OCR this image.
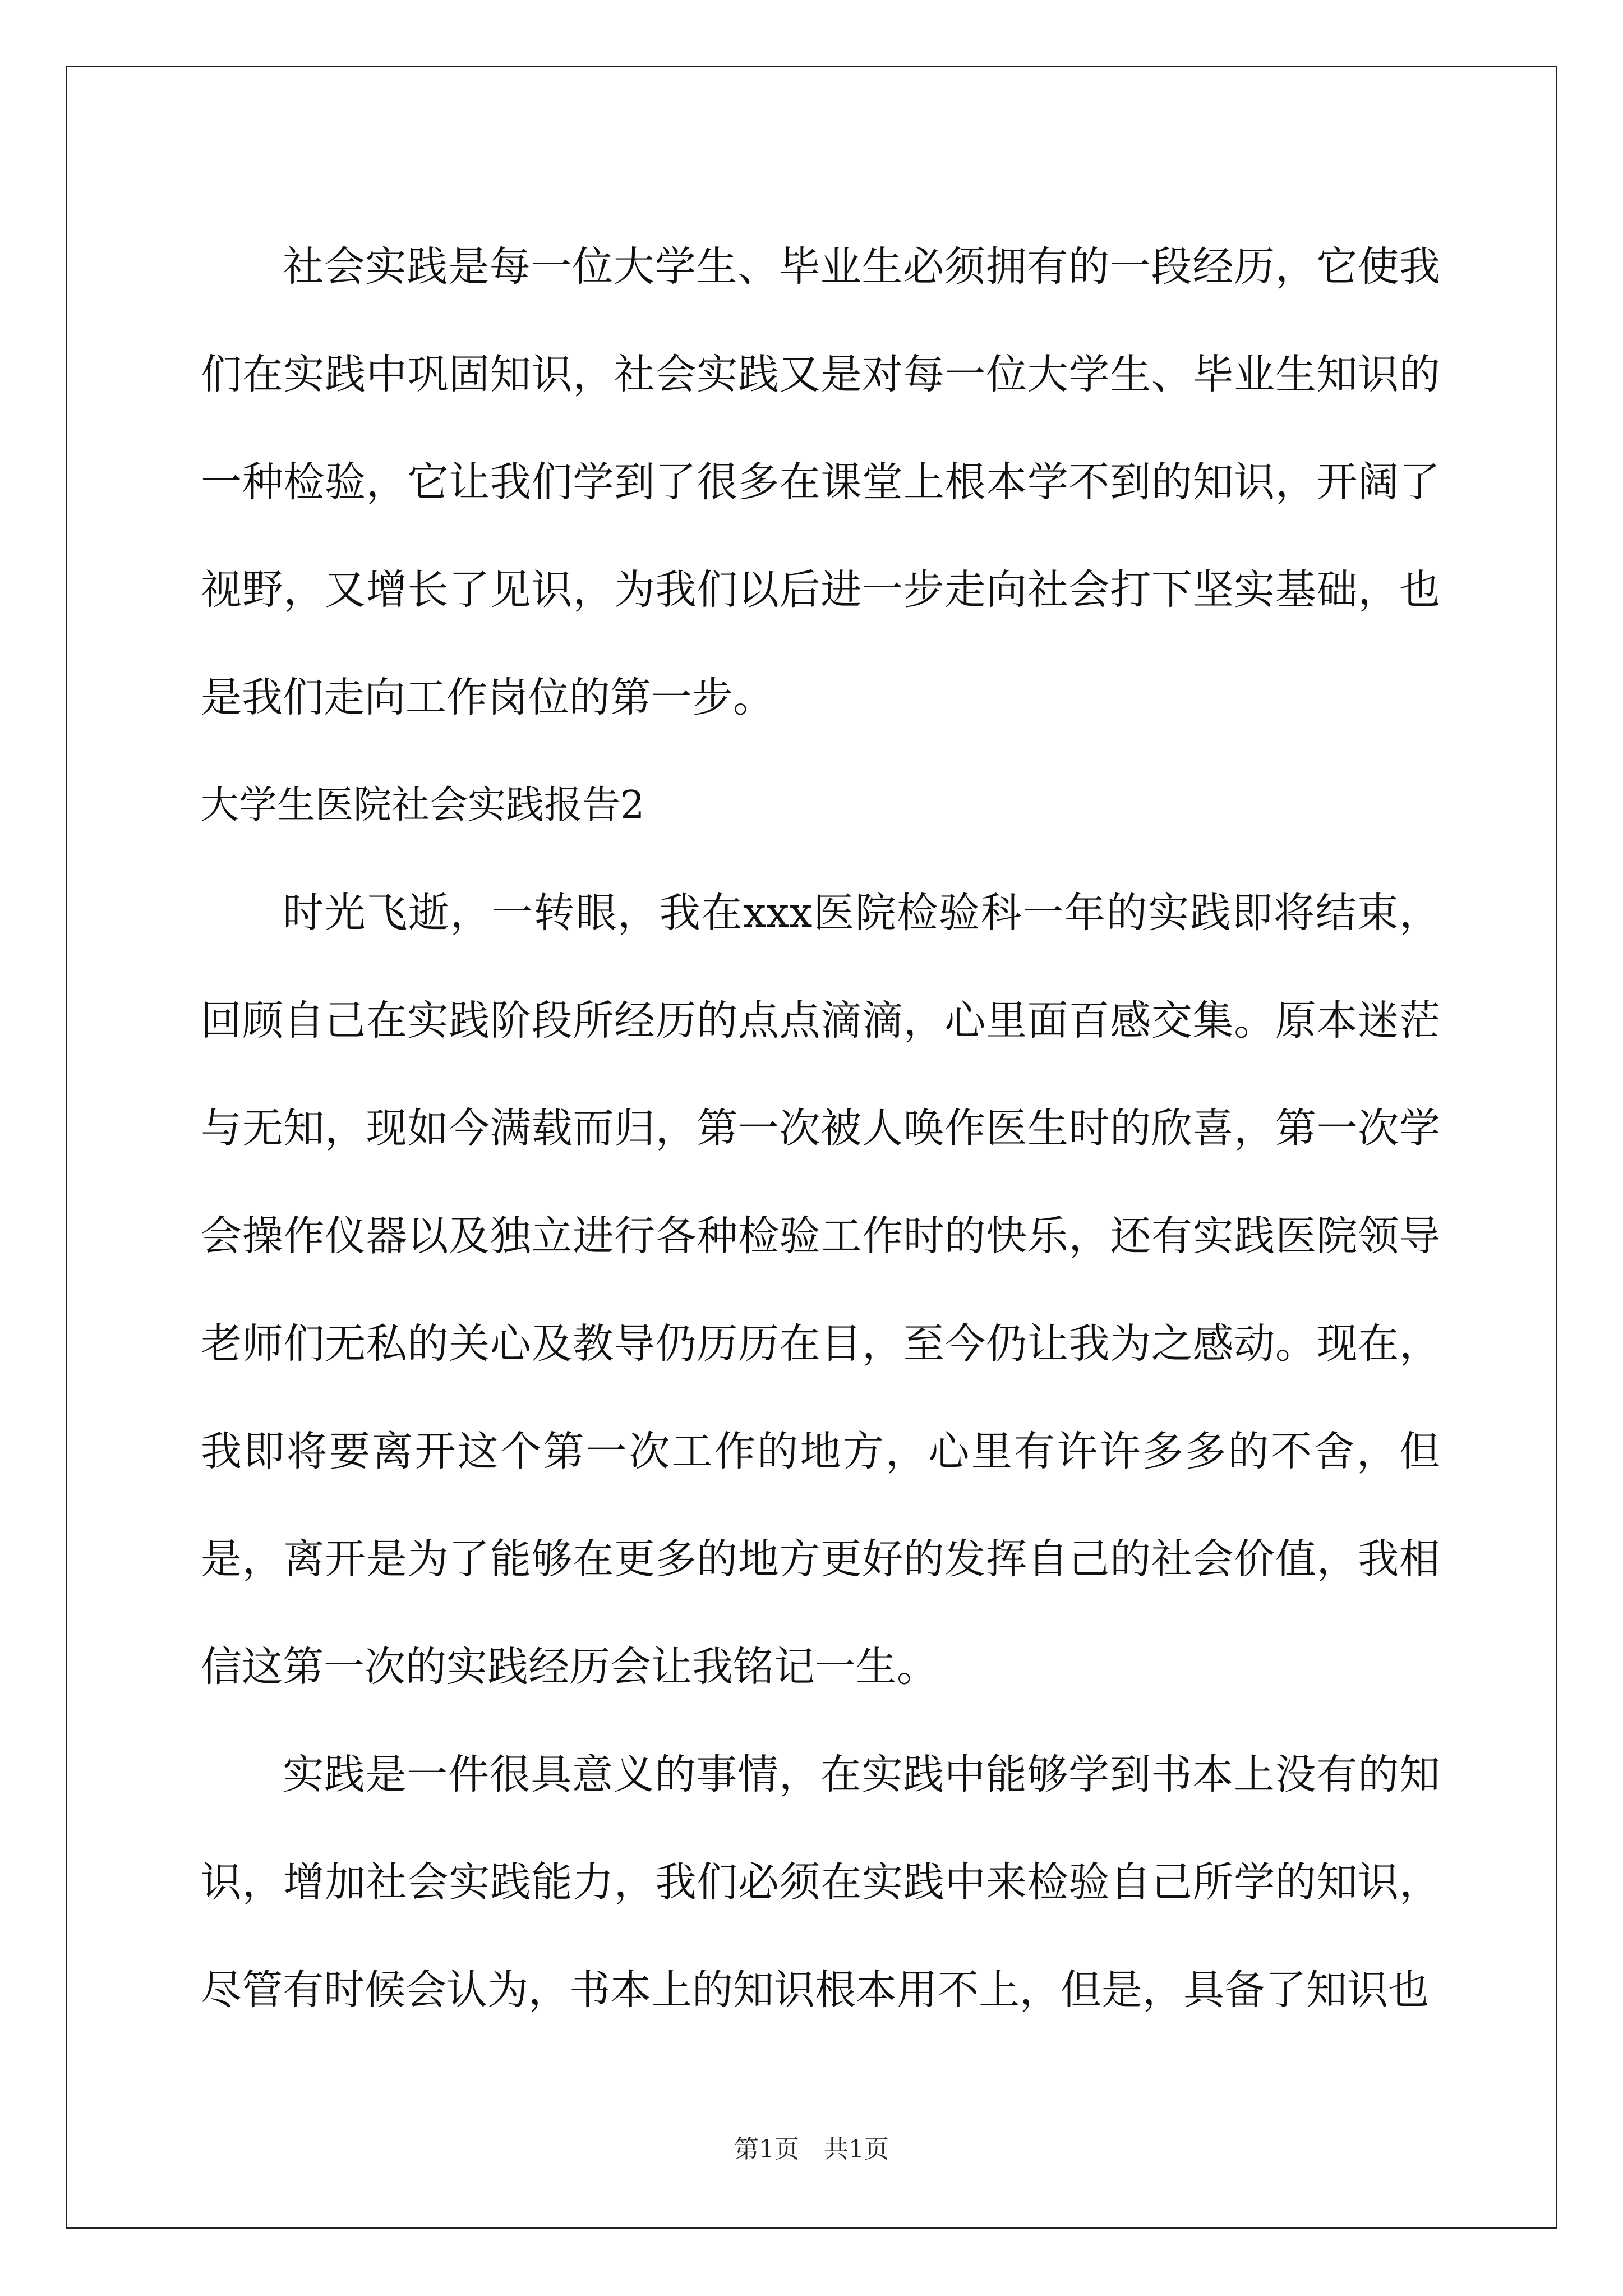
社会实践是每一位大学生、毕业生必须拥有的一段经历，它使我们在实践中巩固知识，社会实践又是对每一位大学生、毕业生知识的一种检验，它让我们学到了很多在课堂上根本学不到的知识，开阔了视野，又增长了见识，为我们以后进一步走向社会打下坚实基础，也是我们走向工作岗位的第一步。

大学生医院社会实践报告2

时光飞逝，一转眼，我在xxx医院检验科一年的实践即将结束，回顾自己在实践阶段所经历的点点滴滴，心里面百感交集。原本迷茫与无知，现如今满载而归，第一次被人唤作医生时的欣喜，第一次学会操作仪器以及独立进行各种检验工作时的快乐，还有实践医院领导老师们无私的关心及教导仍历历在目，至今仍让我为之感动。现在，我即将要离开这个第一次工作的地方，心里有许许多多的不舍，但是，离开是为了能够在更多的地方更好的发挥自己的社会价值，我相信这第一次的实践经历会让我铭记一生。

实践是一件很具意义的事情，在实践中能够学到书本上没有的知识，增加社会实践能力，我们必须在实践中来检验自己所学的知识，尽管有时候会认为，书本上的知识根本用不上，但是，具备了知识也

第1页 共1页
